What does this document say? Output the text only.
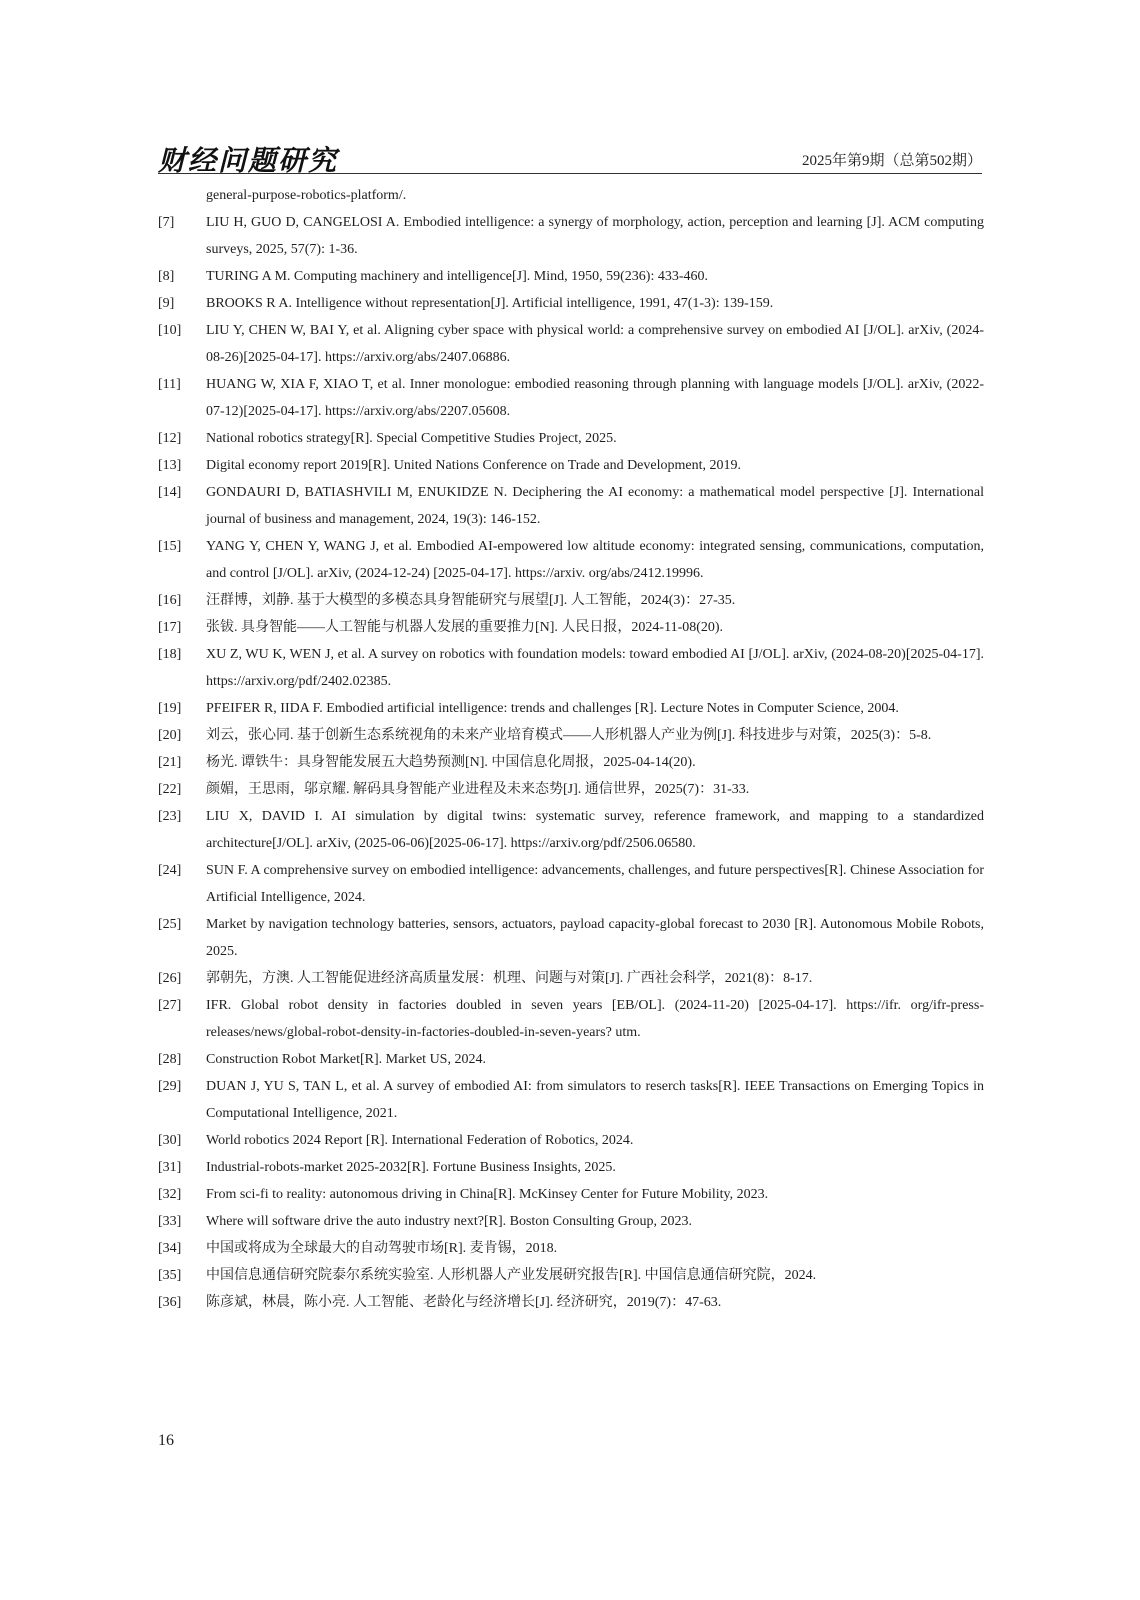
财经问题研究	2025年第9期（总第502期）
general-purpose-robotics-platform/.
[7]	LIU H, GUO D, CANGELOSI A. Embodied intelligence: a synergy of morphology, action, perception and learning [J]. ACM computing surveys, 2025, 57(7): 1-36.
[8]	TURING A M. Computing machinery and intelligence[J]. Mind, 1950, 59(236): 433-460.
[9]	BROOKS R A. Intelligence without representation[J]. Artificial intelligence, 1991, 47(1-3): 139-159.
[10]	LIU Y, CHEN W, BAI Y, et al. Aligning cyber space with physical world: a comprehensive survey on embodied AI [J/OL]. arXiv, (2024-08-26)[2025-04-17]. https://arxiv.org/abs/2407.06886.
[11]	HUANG W, XIA F, XIAO T, et al. Inner monologue: embodied reasoning through planning with language models [J/OL]. arXiv, (2022-07-12)[2025-04-17]. https://arxiv.org/abs/2207.05608.
[12]	National robotics strategy[R]. Special Competitive Studies Project, 2025.
[13]	Digital economy report 2019[R]. United Nations Conference on Trade and Development, 2019.
[14]	GONDAURI D, BATIASHVILI M, ENUKIDZE N. Deciphering the AI economy: a mathematical model perspective [J]. International journal of business and management, 2024, 19(3): 146-152.
[15]	YANG Y, CHEN Y, WANG J, et al. Embodied AI-empowered low altitude economy: integrated sensing, communications, computation, and control [J/OL]. arXiv, (2024-12-24) [2025-04-17]. https://arxiv. org/abs/2412.19996.
[16]	汪群博，刘静. 基于大模型的多模态具身智能研究与展望[J]. 人工智能，2024(3)：27-35.
[17]	张钹. 具身智能——人工智能与机器人发展的重要推力[N]. 人民日报，2024-11-08(20).
[18]	XU Z, WU K, WEN J, et al. A survey on robotics with foundation models: toward embodied AI [J/OL]. arXiv, (2024-08-20)[2025-04-17]. https://arxiv.org/pdf/2402.02385.
[19]	PFEIFER R, IIDA F. Embodied artificial intelligence: trends and challenges [R]. Lecture Notes in Computer Science, 2004.
[20]	刘云，张心同. 基于创新生态系统视角的未来产业培育模式——人形机器人产业为例[J]. 科技进步与对策，2025(3)：5-8.
[21]	杨光. 谭铁牛：具身智能发展五大趋势预测[N]. 中国信息化周报，2025-04-14(20).
[22]	颜媚，王思雨，邬京耀. 解码具身智能产业进程及未来态势[J]. 通信世界，2025(7)：31-33.
[23]	LIU X, DAVID I. AI simulation by digital twins: systematic survey, reference framework, and mapping to a standardized architecture[J/OL]. arXiv, (2025-06-06)[2025-06-17]. https://arxiv.org/pdf/2506.06580.
[24]	SUN F. A comprehensive survey on embodied intelligence: advancements, challenges, and future perspectives[R]. Chinese Association for Artificial Intelligence, 2024.
[25]	Market by navigation technology batteries, sensors, actuators, payload capacity-global forecast to 2030 [R]. Autonomous Mobile Robots, 2025.
[26]	郭朝先，方澳. 人工智能促进经济高质量发展：机理、问题与对策[J]. 广西社会科学，2021(8)：8-17.
[27]	IFR. Global robot density in factories doubled in seven years [EB/OL]. (2024-11-20) [2025-04-17]. https://ifr. org/ifr-press-releases/news/global-robot-density-in-factories-doubled-in-seven-years? utm.
[28]	Construction Robot Market[R]. Market US, 2024.
[29]	DUAN J, YU S, TAN L, et al. A survey of embodied AI: from simulators to reserch tasks[R]. IEEE Transactions on Emerging Topics in Computational Intelligence, 2021.
[30]	World robotics 2024 Report [R]. International Federation of Robotics, 2024.
[31]	Industrial-robots-market 2025-2032[R]. Fortune Business Insights, 2025.
[32]	From sci-fi to reality: autonomous driving in China[R]. McKinsey Center for Future Mobility, 2023.
[33]	Where will software drive the auto industry next?[R]. Boston Consulting Group, 2023.
[34]	中国或将成为全球最大的自动驾驶市场[R]. 麦肯锡，2018.
[35]	中国信息通信研究院泰尔系统实验室. 人形机器人产业发展研究报告[R]. 中国信息通信研究院，2024.
[36]	陈彦斌，林晨，陈小亮. 人工智能、老龄化与经济增长[J]. 经济研究，2019(7)：47-63.
16
